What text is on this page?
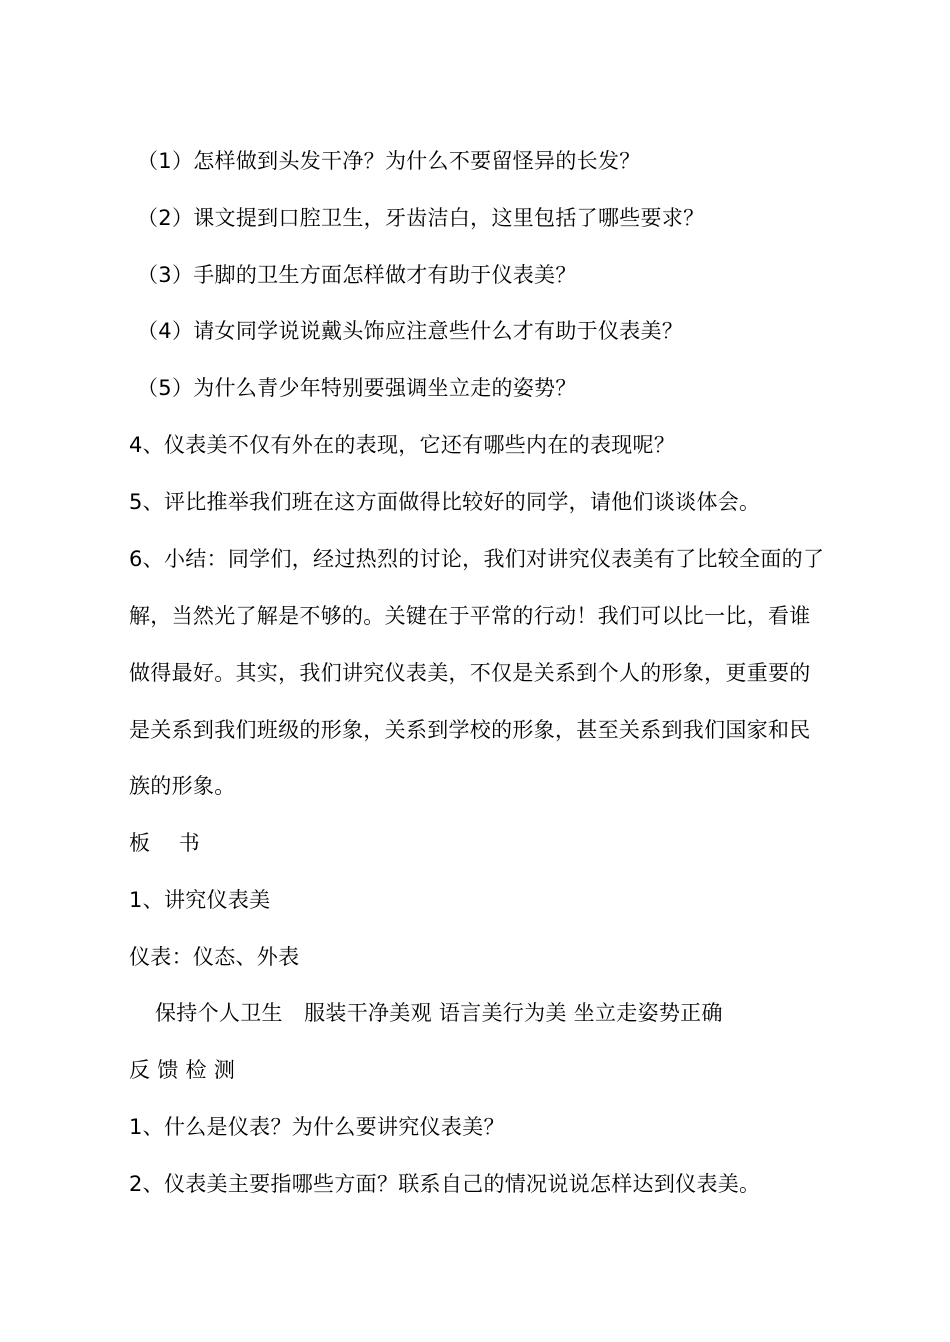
（1）怎样做到头发干净？为什么不要留怪异的长发？
（2）课文提到口腔卫生，牙齿洁白，这里包括了哪些要求？
（3）手脚的卫生方面怎样做才有助于仪表美？
（4）请女同学说说戴头饰应注意些什么才有助于仪表美？
（5）为什么青少年特别要强调坐立走的姿势？
4、仪表美不仅有外在的表现，它还有哪些内在的表现呢？
5、评比推举我们班在这方面做得比较好的同学，请他们谈谈体会。
6、小结：同学们，经过热烈的讨论，我们对讲究仪表美有了比较全面的了
解，当然光了解是不够的。关键在于平常的行动！我们可以比一比，看谁
做得最好。其实，我们讲究仪表美，不仅是关系到个人的形象，更重要的
是关系到我们班级的形象，关系到学校的形象，甚至关系到我们国家和民
族的形象。
板　 书
1、讲究仪表美
仪表：仪态、外表
保持个人卫生　服装干净美观 语言美行为美 坐立走姿势正确
反 馈 检 测
1、什么是仪表？为什么要讲究仪表美？
2、仪表美主要指哪些方面？联系自己的情况说说怎样达到仪表美。
